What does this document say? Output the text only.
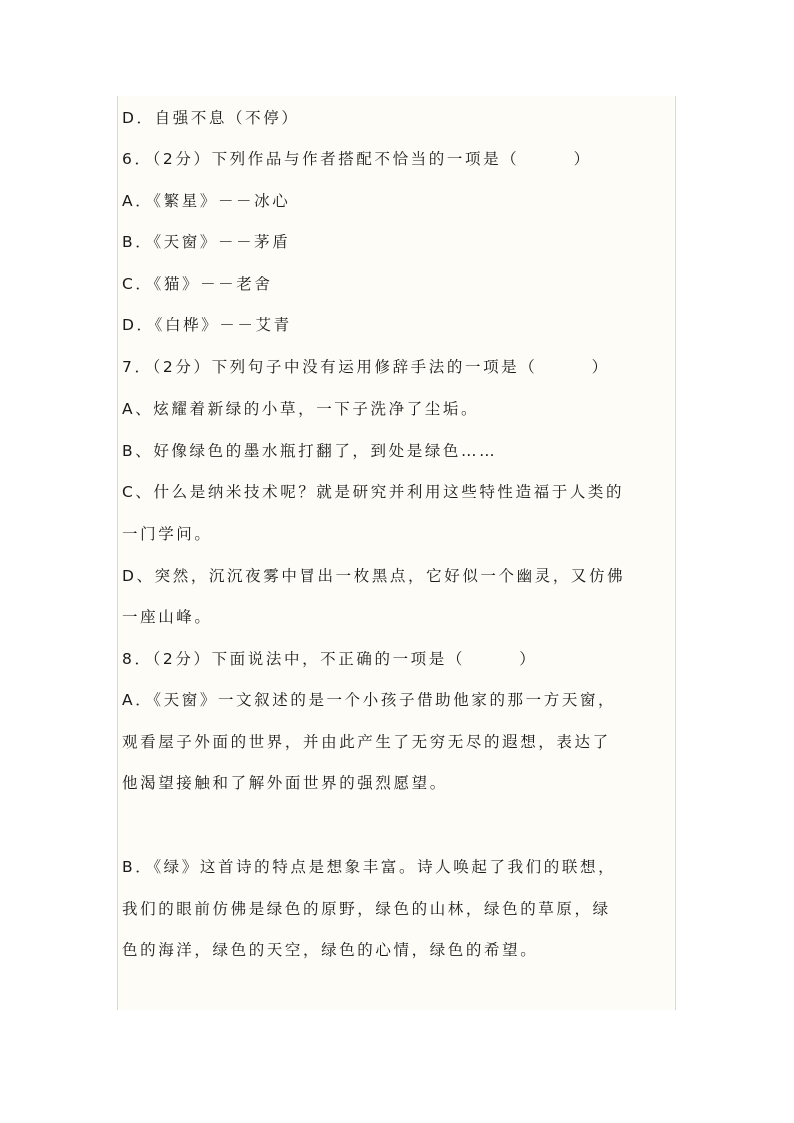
D．自强不息（不停）

6．（2分）下列作品与作者搭配不恰当的一项是（　　　）

A．《繁星》－－冰心

B．《天窗》－－茅盾

C．《猫》－－老舍

D．《白桦》－－艾青

7．（2分）下列句子中没有运用修辞手法的一项是（　　　）

A、炫耀着新绿的小草，一下子洗净了尘垢。

B、好像绿色的墨水瓶打翻了，到处是绿色……

C、什么是纳米技术呢？就是研究并利用这些特性造福于人类的

一门学问。

D、突然，沉沉夜雾中冒出一枚黑点，它好似一个幽灵，又仿佛

一座山峰。

8．（2分）下面说法中，不正确的一项是（　　　）

A．《天窗》一文叙述的是一个小孩子借助他家的那一方天窗，

观看屋子外面的世界，并由此产生了无穷无尽的遐想，表达了

他渴望接触和了解外面世界的强烈愿望。

B．《绿》这首诗的特点是想象丰富。诗人唤起了我们的联想，

我们的眼前仿佛是绿色的原野，绿色的山林，绿色的草原，绿

色的海洋，绿色的天空，绿色的心情，绿色的希望。
